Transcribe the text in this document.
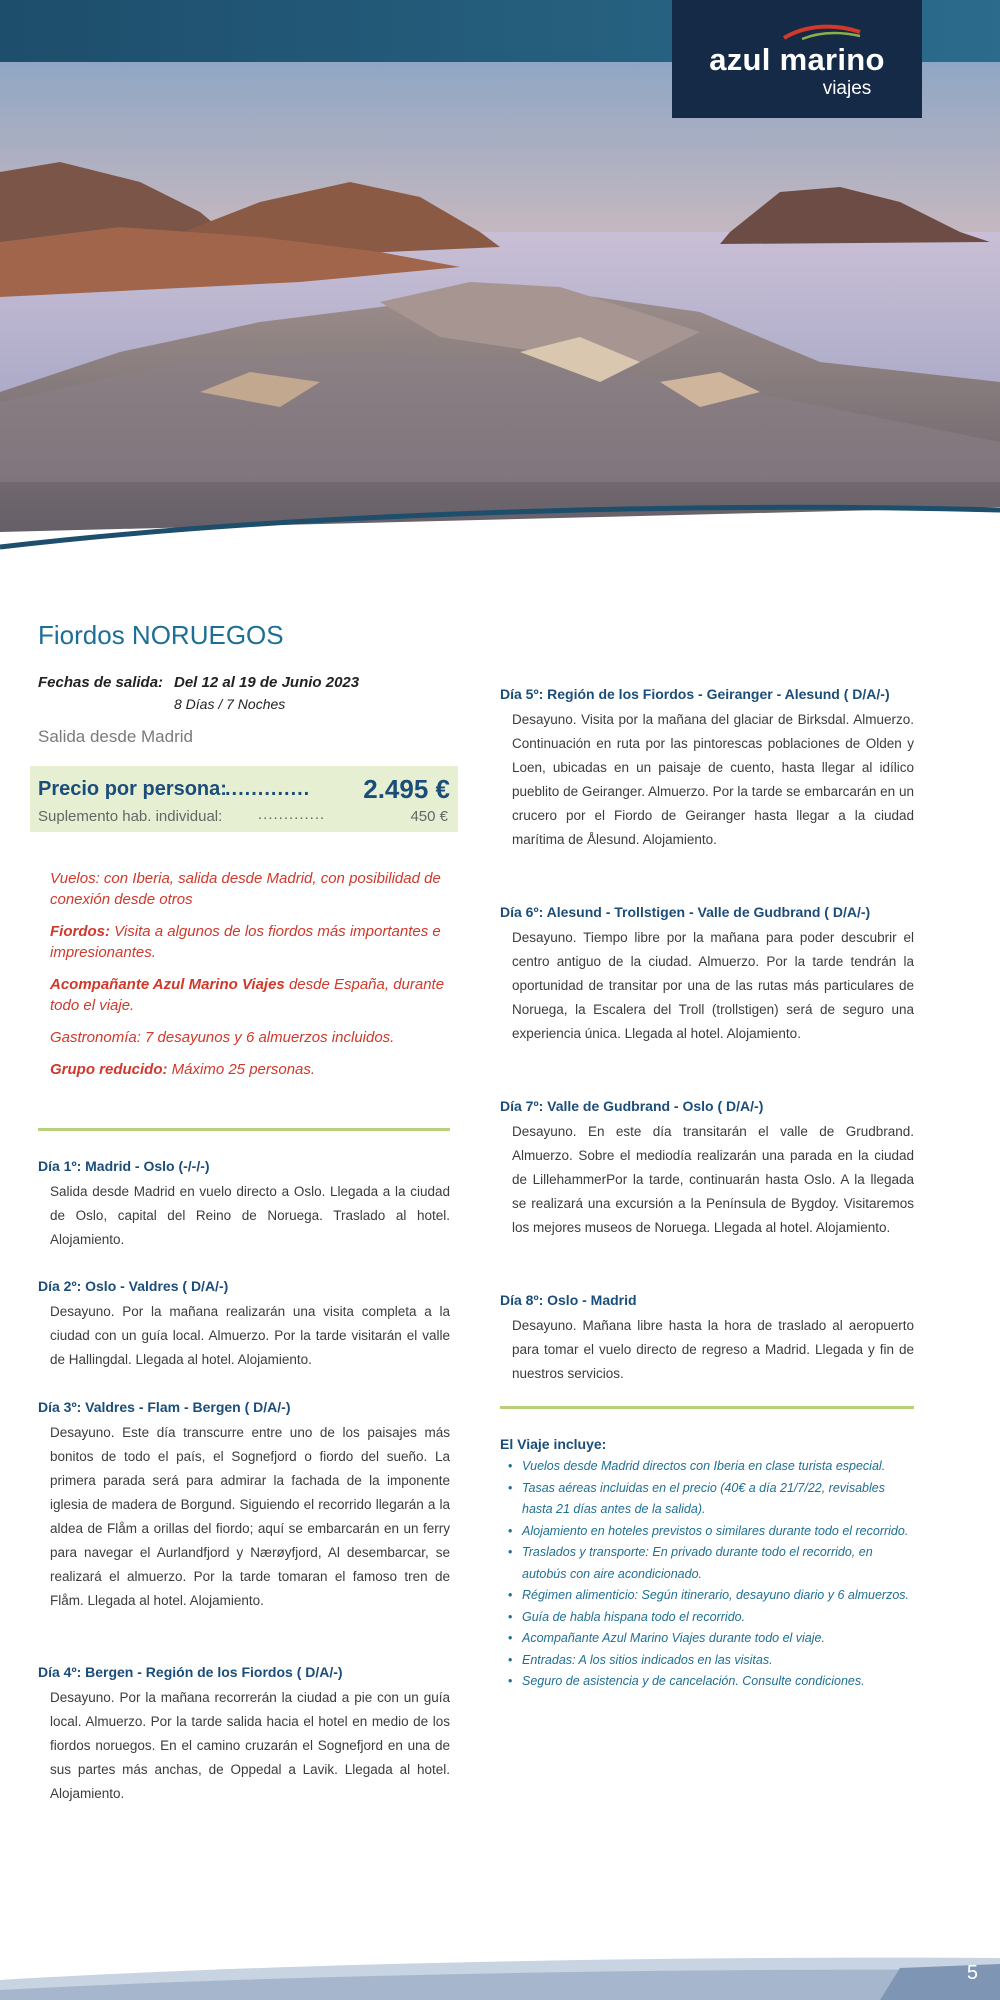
azul marino
viajes
Fiordos NORUEGOS
Fechas de salida: Del 12 al 19 de Junio 2023
8 Días / 7 Noches
Salida desde Madrid
Precio por persona:
............. 2.495 €
Suplemento hab. individual: .............	450 €

Vuelos: con Iberia, salida desde Madrid, con posibilidad de conexión desde otros

Fiordos: Visita a algunos de los fiordos más importantes e impresionantes.

Acompañante Azul Marino Viajes desde España, durante todo el viaje.

Gastronomía: 7 desayunos y 6 almuerzos incluidos.

Grupo reducido: Máximo 25 personas.

Día 1º: Madrid - Oslo (-/-/-)

Salida desde Madrid en vuelo directo a Oslo. Llegada a la ciudad de Oslo, capital del Reino de Noruega. Traslado al hotel. Alojamiento.

Día 2º: Oslo - Valdres ( D/A/-)

Desayuno. Por la mañana realizarán una visita completa a la ciudad con un guía local. Almuerzo. Por la tarde visitarán el valle de Hallingdal. Llegada al hotel. Alojamiento.

Día 3º: Valdres - Flam - Bergen ( D/A/-)

Desayuno. Este día transcurre entre uno de los paisajes más bonitos de todo el país, el Sognefjord o fiordo del sueño. La primera parada será para admirar la fachada de la imponente iglesia de madera de Borgund. Siguiendo el recorrido llegarán a la aldea de Flåm a orillas del fiordo; aquí se embarcarán en un ferry para navegar el Aurlandfjord y Nærøyfjord, Al desembarcar, se realizará el almuerzo. Por la tarde tomaran el famoso tren de Flåm. Llegada al hotel. Alojamiento.

Día 4º: Bergen - Región de los Fiordos ( D/A/-)

Desayuno. Por la mañana recorrerán la ciudad a pie con un guía local. Almuerzo. Por la tarde salida hacia el hotel en medio de los fiordos noruegos. En el camino cruzarán el Sognefjord en una de sus partes más anchas, de Oppedal a Lavik. Llegada al hotel. Alojamiento.

Día 5º: Región de los Fiordos - Geiranger - Alesund ( D/A/-)

Desayuno. Visita por la mañana del glaciar de Birksdal. Almuerzo. Continuación en ruta por las pintorescas poblaciones de Olden y Loen, ubicadas en un paisaje de cuento, hasta llegar al idílico pueblito de Geiranger. Almuerzo. Por la tarde se embarcarán en un crucero por el Fiordo de Geiranger hasta llegar a la ciudad marítima de Ålesund. Alojamiento.

Día 6º: Alesund - Trollstigen - Valle de Gudbrand ( D/A/-)

Desayuno. Tiempo libre por la mañana para poder descubrir el centro antiguo de la ciudad. Almuerzo. Por la tarde tendrán la oportunidad de transitar por una de las rutas más particulares de Noruega, la Escalera del Troll (trollstigen) será de seguro una experiencia única. Llegada al hotel. Alojamiento.

Día 7º: Valle de Gudbrand - Oslo ( D/A/-)

Desayuno. En este día transitarán el valle de Grudbrand. Almuerzo. Sobre el mediodía realizarán una parada en la ciudad de LillehammerPor la tarde, continuarán hasta Oslo. A la llegada se realizará una excursión a la Península de Bygdoy. Visitaremos los mejores museos de Noruega. Llegada al hotel. Alojamiento.

Día 8º: Oslo - Madrid

Desayuno. Mañana libre hasta la hora de traslado al aeropuerto para tomar el vuelo directo de regreso a Madrid. Llegada y fin de nuestros servicios.

El Viaje incluye:
• Vuelos desde Madrid directos con Iberia en clase turista especial.
• Tasas aéreas incluidas en el precio (40€ a día 21/7/22, revisables hasta 21 días antes de la salida).
• Alojamiento en hoteles previstos o similares durante todo el recorrido.
• Traslados y transporte: En privado durante todo el recorrido, en autobús con aire acondicionado.
• Régimen alimenticio: Según itinerario, desayuno diario y 6 almuerzos.
• Guía de habla hispana todo el recorrido.
• Acompañante Azul Marino Viajes durante todo el viaje.
• Entradas: A los sitios indicados en las visitas.
• Seguro de asistencia y de cancelación. Consulte condiciones.
5
